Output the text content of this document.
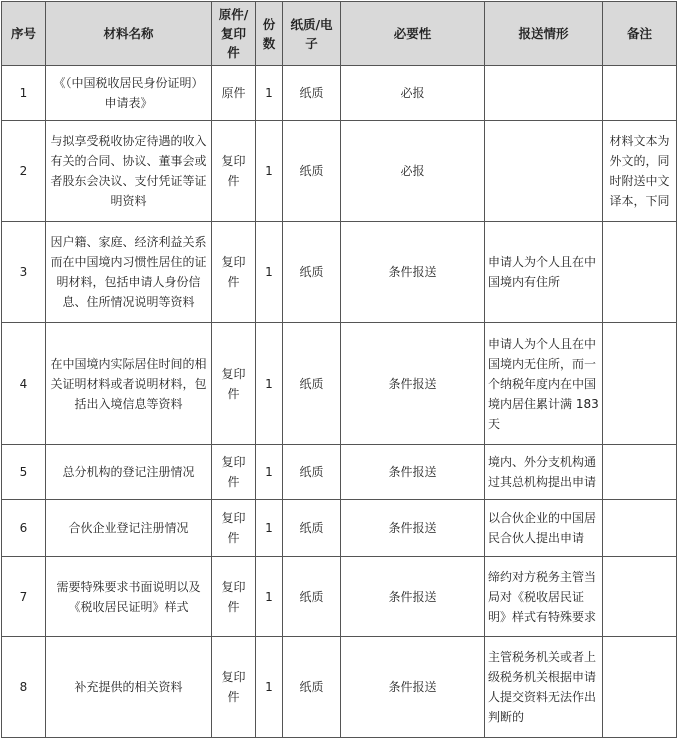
序号	材料名称	原件/复印件	份数	纸质/电子	必要性	报送情形	备注
1	《（中国税收居民身份证明）申请表》	原件	1	纸质	必报		
2	与拟享受税收协定待遇的收入有关的合同、协议、董事会或者股东会决议、支付凭证等证明资料	复印件	1	纸质	必报		材料文本为外文的，同时附送中文译本，下同
3	因户籍、家庭、经济利益关系而在中国境内习惯性居住的证明材料，包括申请人身份信息、住所情况说明等资料	复印件	1	纸质	条件报送	申请人为个人且在中国境内有住所	
4	在中国境内实际居住时间的相关证明材料或者说明材料，包括出入境信息等资料	复印件	1	纸质	条件报送	申请人为个人且在中国境内无住所，而一个纳税年度内在中国境内居住累计满 183 天	
5	总分机构的登记注册情况	复印件	1	纸质	条件报送	境内、外分支机构通过其总机构提出申请	
6	合伙企业登记注册情况	复印件	1	纸质	条件报送	以合伙企业的中国居民合伙人提出申请	
7	需要特殊要求书面说明以及《税收居民证明》样式	复印件	1	纸质	条件报送	缔约对方税务主管当局对《税收居民证明》样式有特殊要求	
8	补充提供的相关资料	复印件	1	纸质	条件报送	主管税务机关或者上级税务机关根据申请人提交资料无法作出判断的	
